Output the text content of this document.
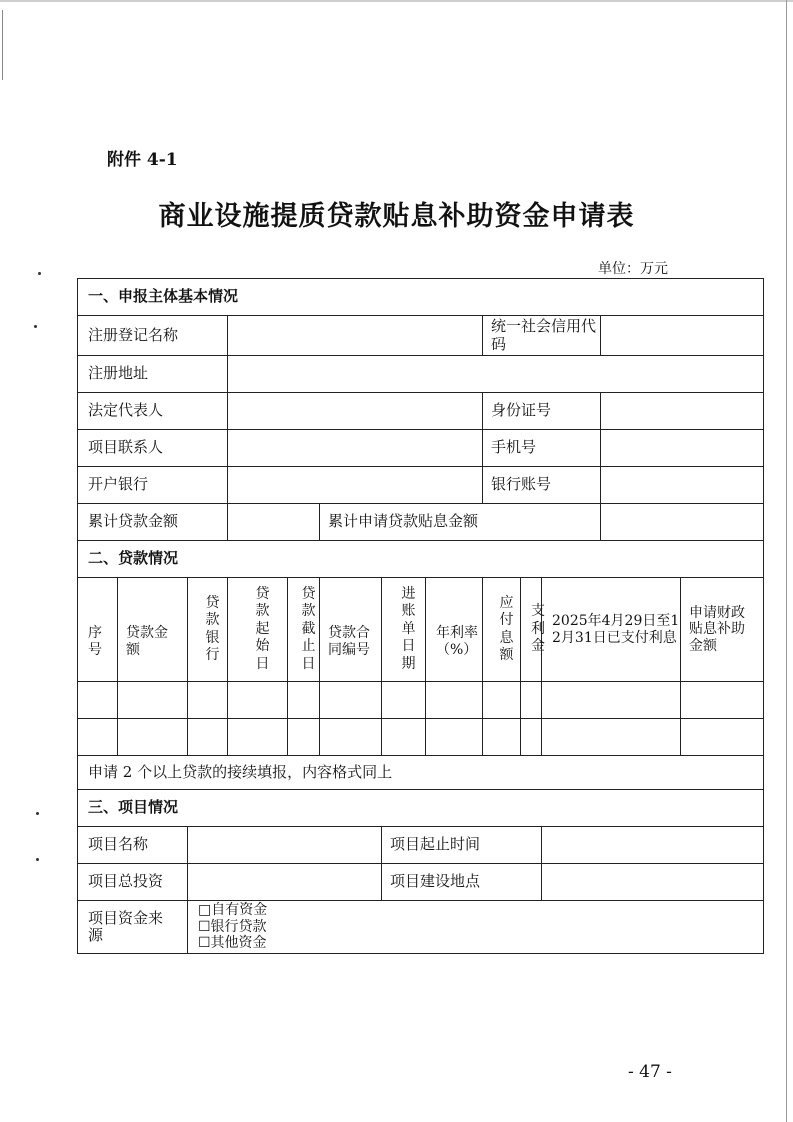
附件 4-1
商业设施提质贷款贴息补助资金申请表
单位：万元
一、申报主体基本情况												
注册登记名称								统一社会信用代码				

注册地址												
法定代表人								身份证号				
项目联系人								手机号				
开户银行								银行账号				
累计贷款金额					累计申请贷款贴息金额							
二、贷款情况												

序号	贷款金额	贷款银行	贷款起始日	贷款截止日	贷款合同编号	进账单日期	年利率（%）	应付息额	支利金	2025年4月29日至12月31日已支付利息		申请财政贴息补助金额

申请 2 个以上贷款的接续填报，内容格式同上												
三、项目情况												
项目名称						项目起止时间						
项目总投资						项目建设地点						

项目资金来源		□自有资金
☐银行贷款
☐其他资金										
- 47 -
